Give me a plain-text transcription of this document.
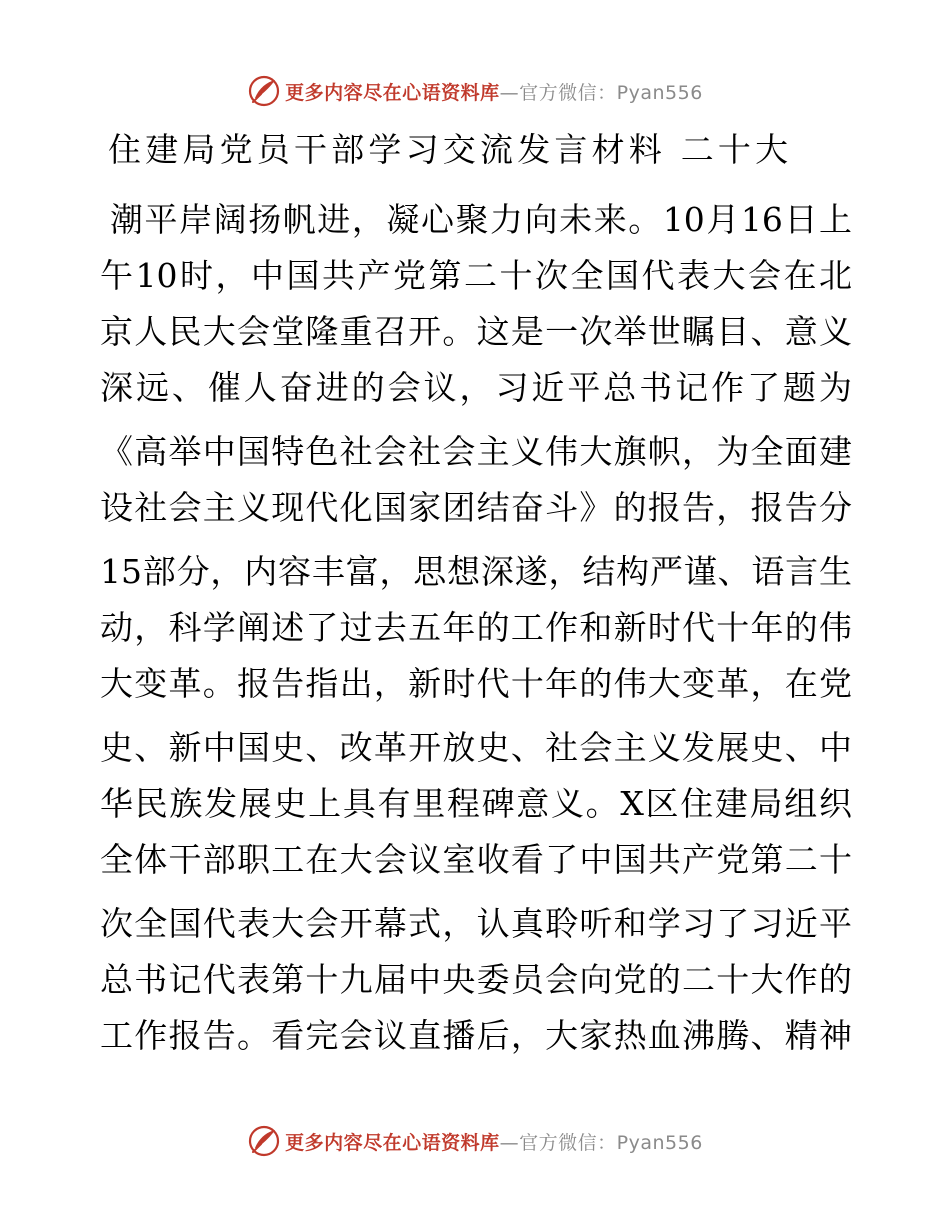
更多内容尽在心语资料库—官方微信：Pyan556
住建局党员干部学习交流发言材料 二十大
潮平岸阔扬帆进，凝心聚力向未来。10月16日上
午10时，中国共产党第二十次全国代表大会在北
京人民大会堂隆重召开。这是一次举世瞩目、意义
深远、催人奋进的会议，习近平总书记作了题为
《高举中国特色社会社会主义伟大旗帜，为全面建
设社会主义现代化国家团结奋斗》的报告，报告分
15部分，内容丰富，思想深遂，结构严谨、语言生
动，科学阐述了过去五年的工作和新时代十年的伟
大变革。报告指出，新时代十年的伟大变革，在党
史、新中国史、改革开放史、社会主义发展史、中
华民族发展史上具有里程碑意义。X区住建局组织
全体干部职工在大会议室收看了中国共产党第二十
次全国代表大会开幕式，认真聆听和学习了习近平
总书记代表第十九届中央委员会向党的二十大作的
工作报告。看完会议直播后，大家热血沸腾、精神
更多内容尽在心语资料库—官方微信：Pyan556
